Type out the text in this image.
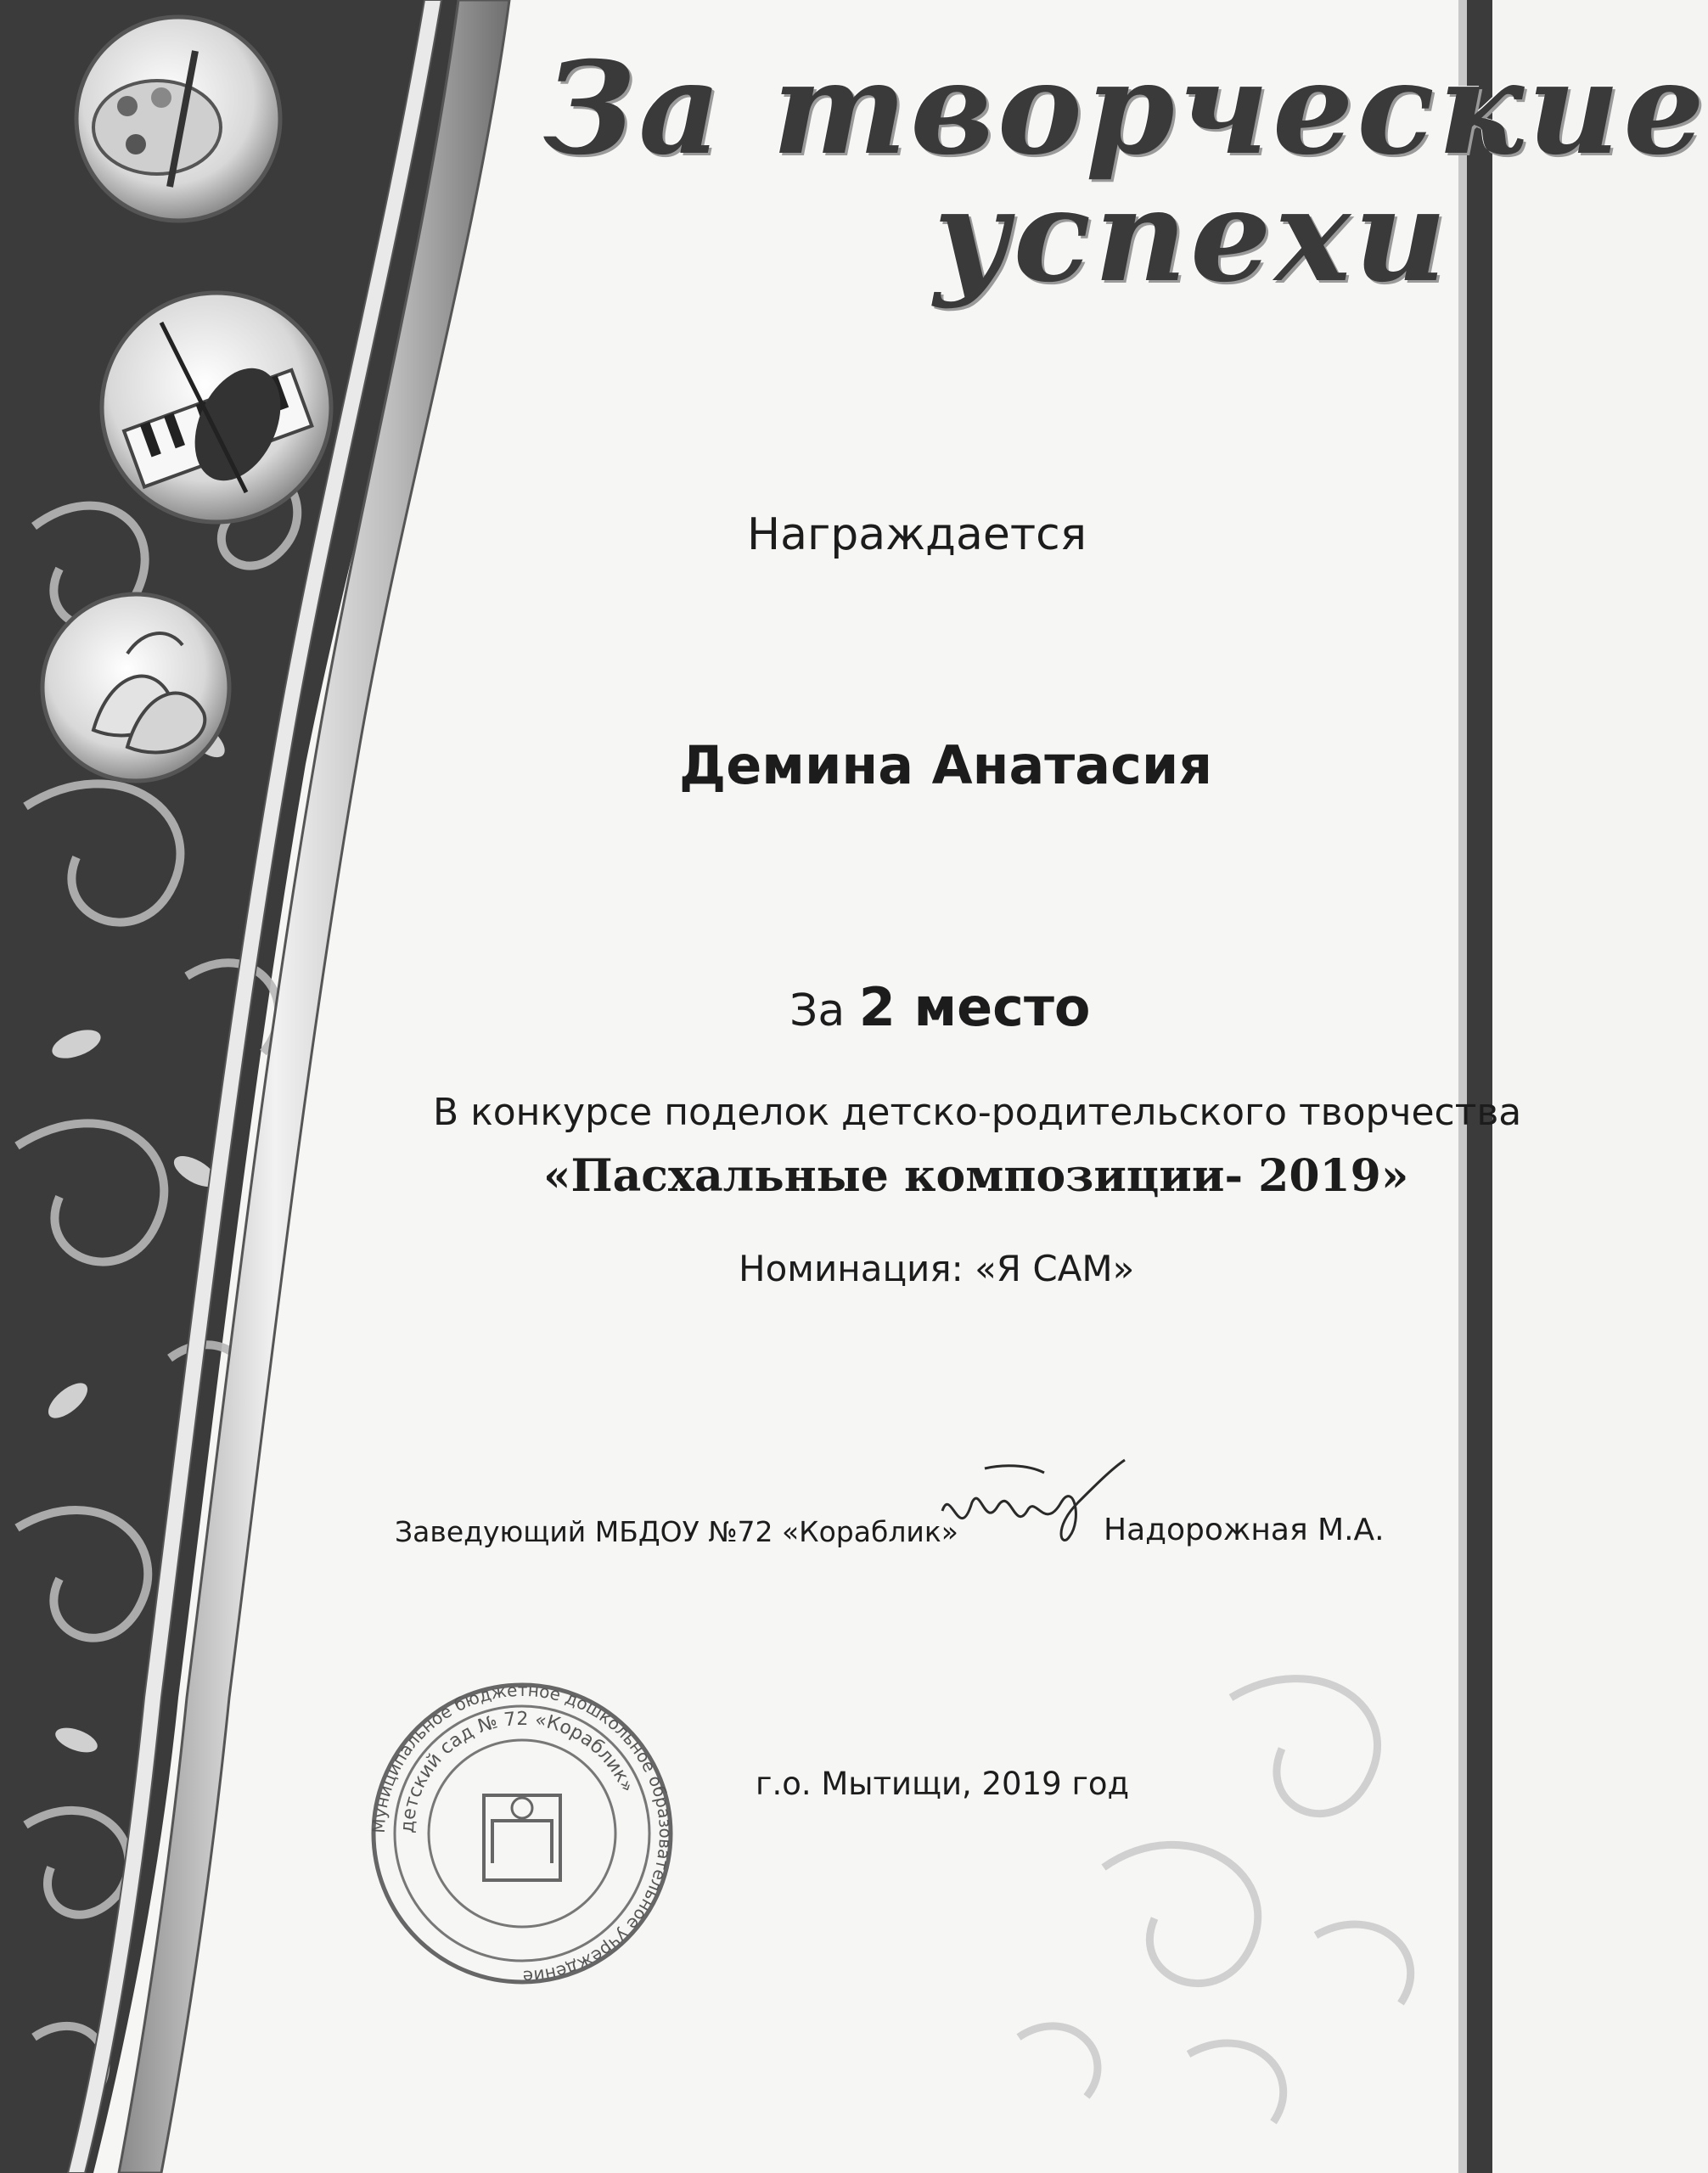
За творческие
успехи
Награждается
Демина Анатасия
За 2 место
В конкурсе поделок детско-родительского творчества
«Пасхальные композиции- 2019»
Номинация: «Я САМ»
Заведующий МБДОУ №72 «Кораблик»	Надорожная М.А.
Муниципальное бюджетное дошкольное образовательное учреждение
детский сад № 72 «Кораблик»	г.о. Мытищи, 2019 год
